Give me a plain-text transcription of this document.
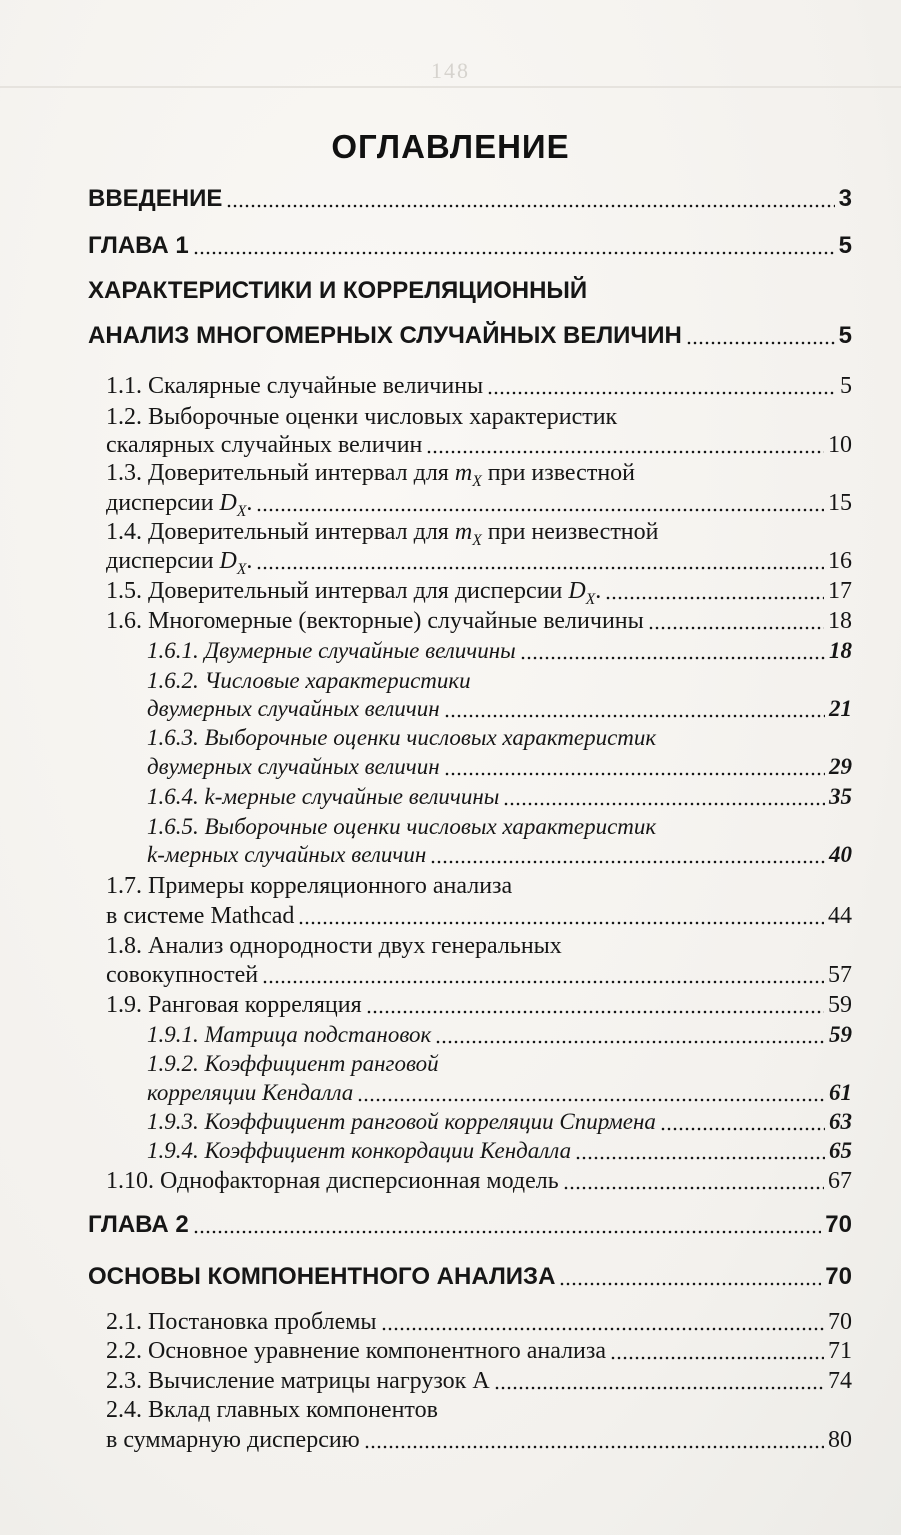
148
ОГЛАВЛЕНИЕ
ВВЕДЕНИЕ	3
ГЛАВА 1	5
ХАРАКТЕРИСТИКИ И КОРРЕЛЯЦИОННЫЙ
АНАЛИЗ МНОГОМЕРНЫХ СЛУЧАЙНЫХ ВЕЛИЧИН	5
1.1. Скалярные случайные величины	5
1.2. Выборочные оценки числовых характеристик
скалярных случайных величин	10
1.3. Доверительный интервал для $m_X$ при известной
дисперсии $D_X$.	15
1.4. Доверительный интервал для $m_X$ при неизвестной
дисперсии $D_X$.	16
1.5. Доверительный интервал для дисперсии $D_X$.	17
1.6. Многомерные (векторные) случайные величины	18
1.6.1. Двумерные случайные величины	18
1.6.2. Числовые характеристики
двумерных случайных величин	21
1.6.3. Выборочные оценки числовых характеристик
двумерных случайных величин	29
1.6.4. k-мерные случайные величины	35
1.6.5. Выборочные оценки числовых характеристик
k-мерных случайных величин	40
1.7. Примеры корреляционного анализа
в системе Mathcad	44
1.8. Анализ однородности двух генеральных
совокупностей	57
1.9. Ранговая корреляция	59
1.9.1. Матрица подстановок	59
1.9.2. Коэффициент ранговой
корреляции Кендалла	61
1.9.3. Коэффициент ранговой корреляции Спирмена	63
1.9.4. Коэффициент конкордации Кендалла	65
1.10. Однофакторная дисперсионная модель	67
ГЛАВА 2	70
ОСНОВЫ КОМПОНЕНТНОГО АНАЛИЗА	70
2.1. Постановка проблемы	70
2.2. Основное уравнение компонентного анализа	71
2.3. Вычисление матрицы нагрузок А	74
2.4. Вклад главных компонентов
в суммарную дисперсию	80
